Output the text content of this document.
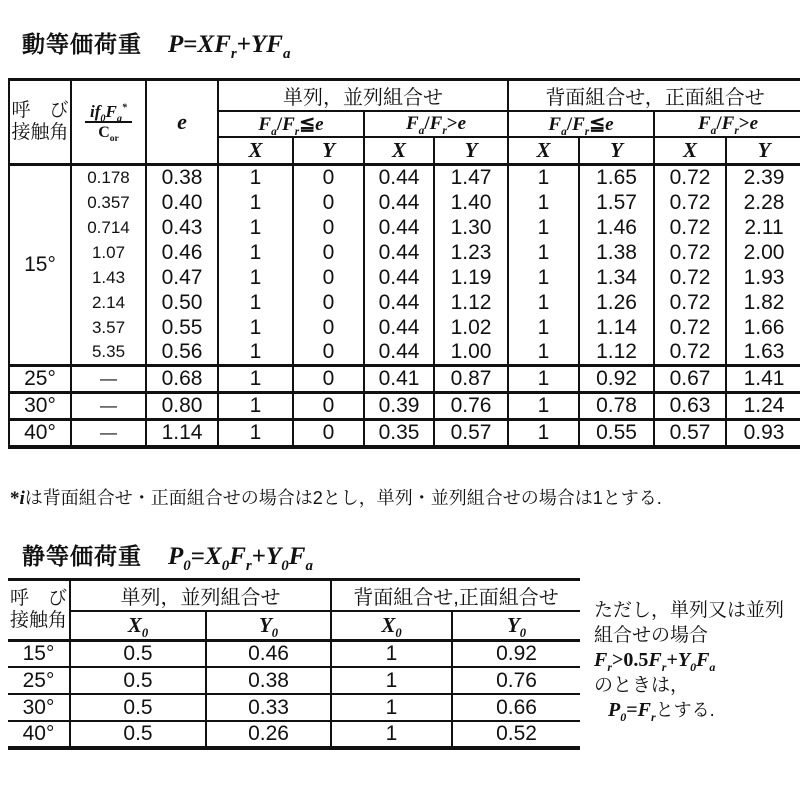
動等価荷重 $P=XF_r+YF_a$
呼　び
接触角	$\frac{if_0F_a^*}{C_{or}}$	e	単列，並列組合せ				背面組合せ，正面組合せ			
			$F_a/F_r≦e$		$F_a/F_r>e$		$F_a/F_r≦e$		$F_a/F_r>e$	
			X	Y	X	Y	X	Y	X	Y
15°	0.178	0.38	1	0	0.44	1.47	1	1.65	0.72	2.39
	0.357	0.40	1	0	0.44	1.40	1	1.57	0.72	2.28
	0.714	0.43	1	0	0.44	1.30	1	1.46	0.72	2.11
	1.07	0.46	1	0	0.44	1.23	1	1.38	0.72	2.00
	1.43	0.47	1	0	0.44	1.19	1	1.34	0.72	1.93
	2.14	0.50	1	0	0.44	1.12	1	1.26	0.72	1.82
	3.57	0.55	1	0	0.44	1.02	1	1.14	0.72	1.66
	5.35	0.56	1	0	0.44	1.00	1	1.12	0.72	1.63
25°	—	0.68	1	0	0.41	0.87	1	0.92	0.67	1.41
30°	—	0.80	1	0	0.39	0.76	1	0.78	0.63	1.24
40°	—	1.14	1	0	0.35	0.57	1	0.55	0.57	0.93
*iは背面組合せ・正面組合せの場合は2とし，単列・並列組合せの場合は1とする.
静等価荷重 $P_0=X_0F_r+Y_0F_a$
呼　び
接触角	単列，並列組合せ		背面組合せ,正面組合せ	
	$X_0$	$Y_0$	$X_0$	$Y_0$
15°	0.5	0.46	1	0.92
25°	0.5	0.38	1	0.76
30°	0.5	0.33	1	0.66
40°	0.5	0.26	1	0.52
ただし，単列又は並列
組合せの場合
$F_r>0.5F_r+Y_0F_a$
のときは，
$P_0=F_r$とする.
